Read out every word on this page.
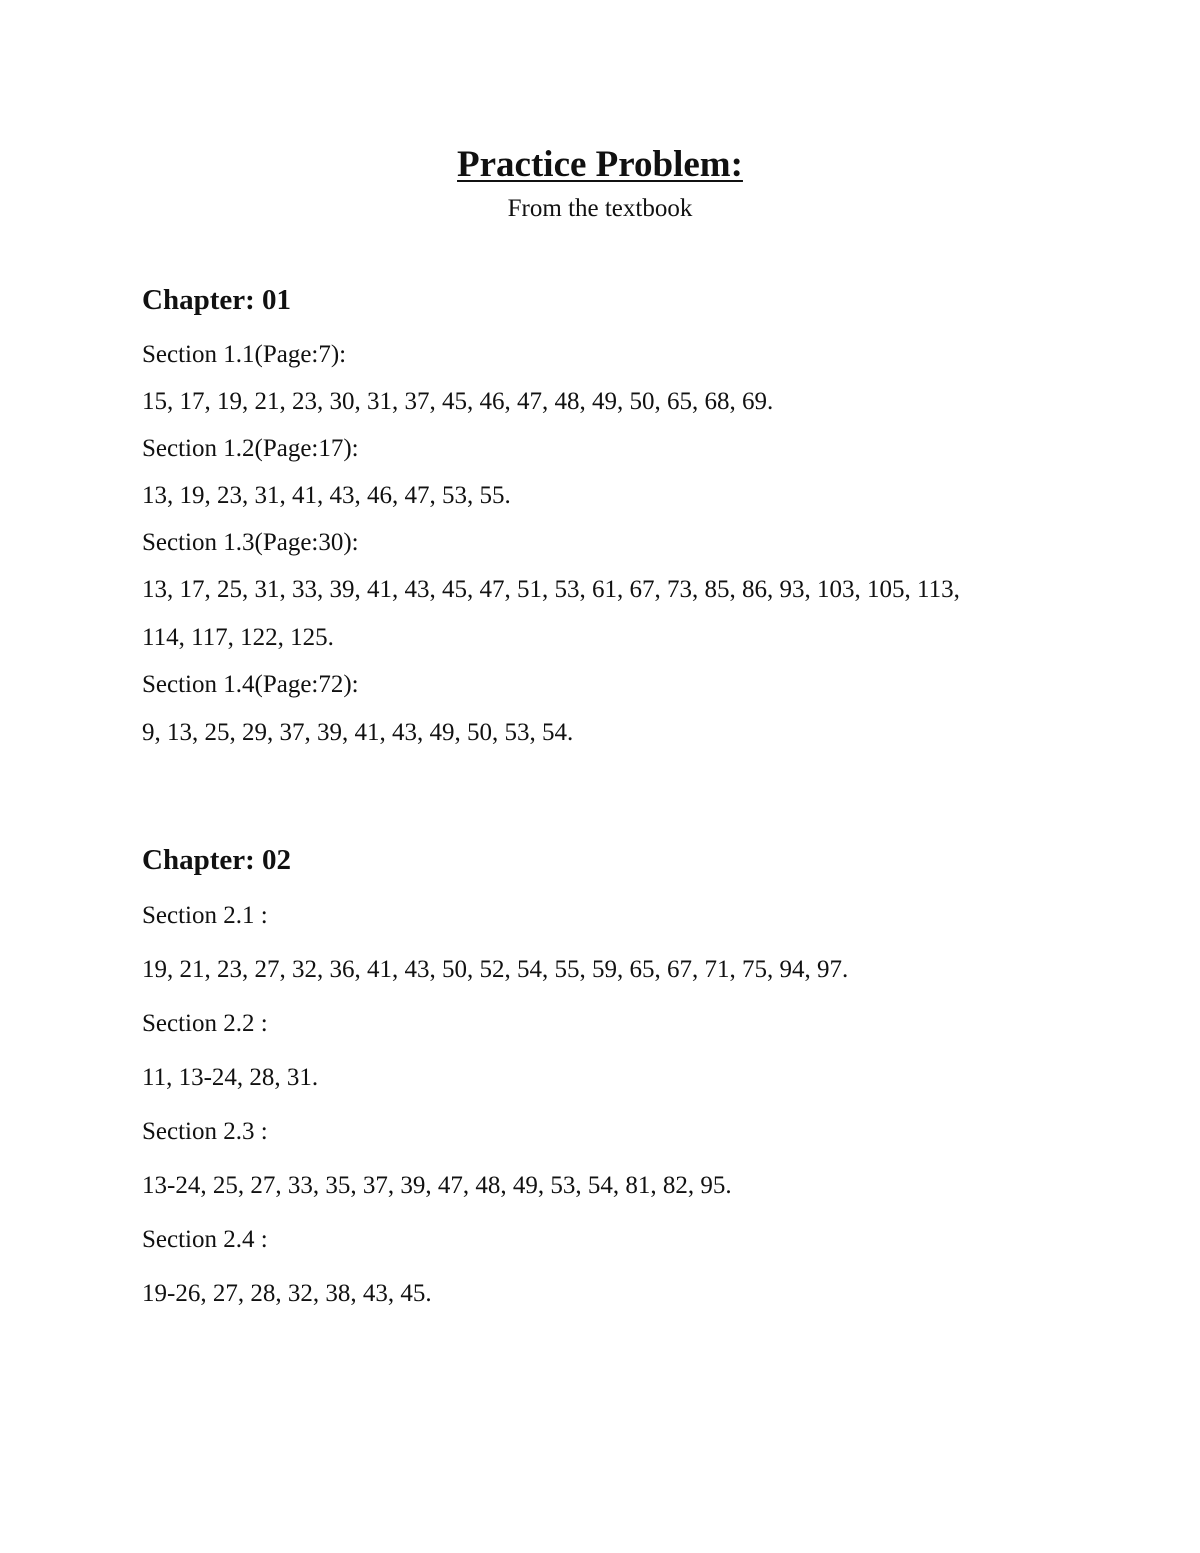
Practice Problem:
From the textbook
Chapter: 01

Section 1.1(Page:7):

15, 17, 19, 21, 23, 30, 31, 37, 45, 46, 47, 48, 49, 50, 65, 68, 69.

Section 1.2(Page:17):

13, 19, 23, 31, 41, 43, 46, 47, 53, 55.

Section 1.3(Page:30):

13, 17, 25, 31, 33, 39, 41, 43, 45, 47, 51, 53, 61, 67, 73, 85, 86, 93, 103, 105, 113,

114, 117, 122, 125.

Section 1.4(Page:72):

9, 13, 25, 29, 37, 39, 41, 43, 49, 50, 53, 54.

Chapter: 02

Section 2.1 :

19, 21, 23, 27, 32, 36, 41, 43, 50, 52, 54, 55, 59, 65, 67, 71, 75, 94, 97.

Section 2.2 :

11, 13-24, 28, 31.

Section 2.3 :

13-24, 25, 27, 33, 35, 37, 39, 47, 48, 49, 53, 54, 81, 82, 95.

Section 2.4 :

19-26, 27, 28, 32, 38, 43, 45.
